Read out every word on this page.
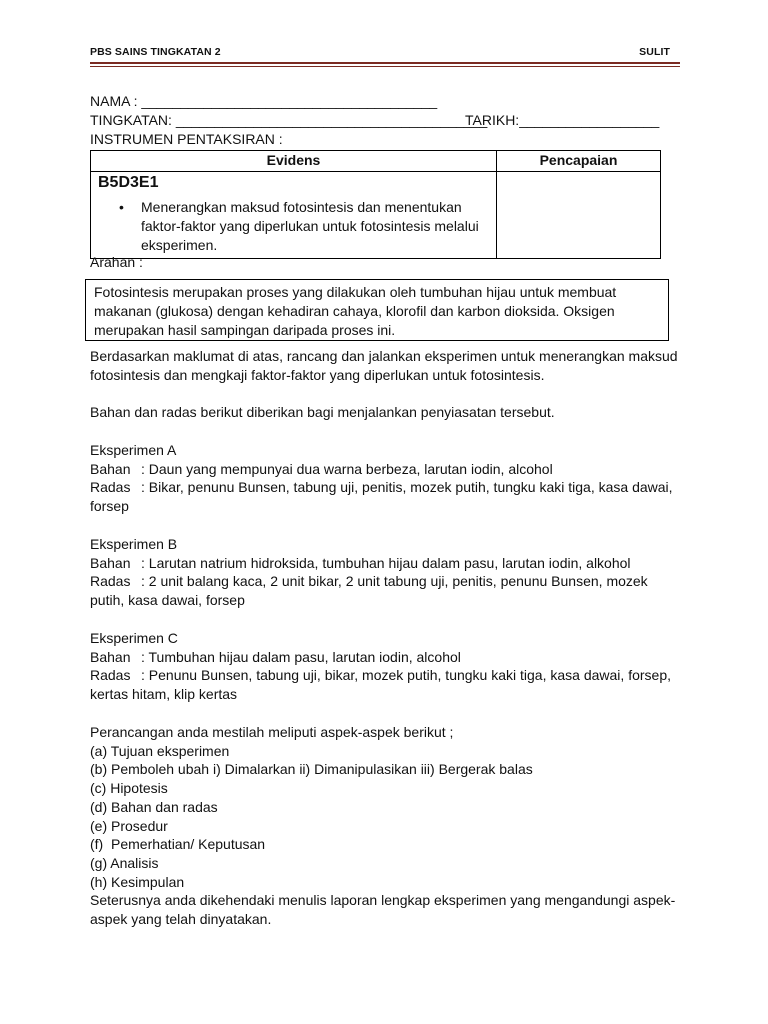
PBS SAINS TINGKATAN 2	SULIT
NAMA : ______________________________________
TINGKATAN: ________________________________________
TARIKH:__________________
INSTRUMEN PENTAKSIRAN :
Evidens	Pencapaian

B5D3E1
• Menerangkan maksud fotosintesis dan menentukan faktor-faktor yang diperlukan untuk fotosintesis melalui eksperimen.	

Arahan :
Fotosintesis merupakan proses yang dilakukan oleh tumbuhan hijau untuk membuat makanan (glukosa) dengan kehadiran cahaya, klorofil dan karbon dioksida. Oksigen merupakan hasil sampingan daripada proses ini.

Berdasarkan maklumat di atas, rancang dan jalankan eksperimen untuk menerangkan maksud fotosintesis dan mengkaji faktor-faktor yang diperlukan untuk fotosintesis.

Bahan dan radas berikut diberikan bagi menjalankan penyiasatan tersebut.

Eksperimen A

Bahan : Daun yang mempunyai dua warna berbeza, larutan iodin, alcohol

Radas : Bikar, penunu Bunsen, tabung uji, penitis, mozek putih, tungku kaki tiga, kasa dawai, forsep

Eksperimen B

Bahan : Larutan natrium hidroksida, tumbuhan hijau dalam pasu, larutan iodin, alkohol

Radas : 2 unit balang kaca, 2 unit bikar, 2 unit tabung uji, penitis, penunu Bunsen, mozek putih, kasa dawai, forsep

Eksperimen C

Bahan : Tumbuhan hijau dalam pasu, larutan iodin, alcohol

Radas : Penunu Bunsen, tabung uji, bikar, mozek putih, tungku kaki tiga, kasa dawai, forsep, kertas hitam, klip kertas

Perancangan anda mestilah meliputi aspek-aspek berikut ;

(a) Tujuan eksperimen

(b) Pemboleh ubah i) Dimalarkan ii) Dimanipulasikan iii) Bergerak balas

(c) Hipotesis

(d) Bahan dan radas

(e) Prosedur

(f)  Pemerhatian/ Keputusan

(g) Analisis

(h) Kesimpulan

Seterusnya anda dikehendaki menulis laporan lengkap eksperimen yang mengandungi aspek-aspek yang telah dinyatakan.
